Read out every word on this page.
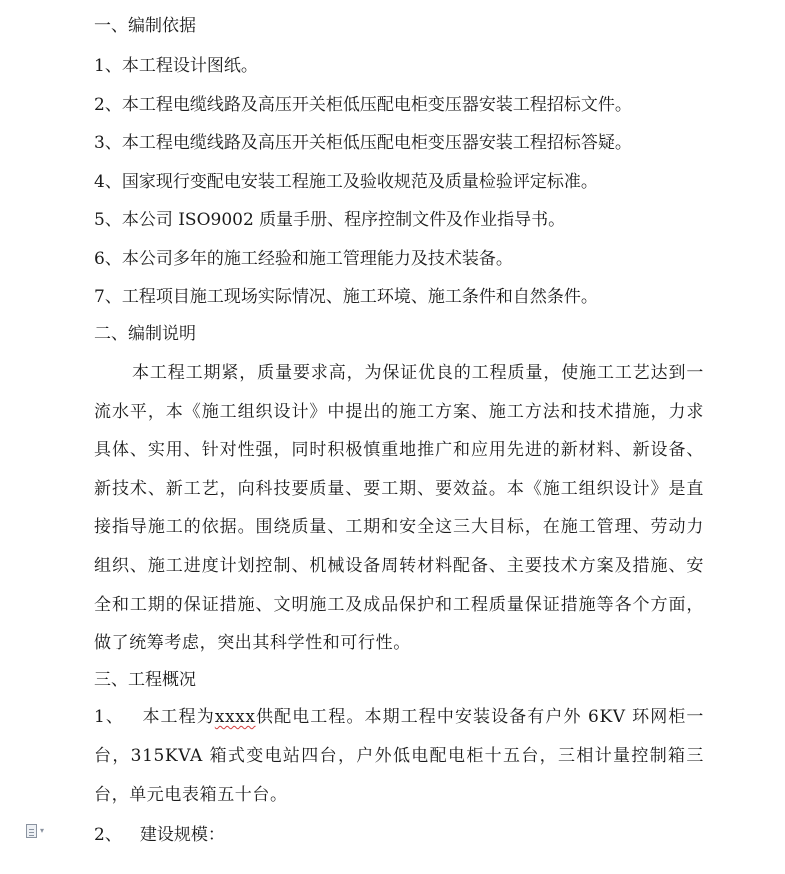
一、编制依据
1、本工程设计图纸。
2、本工程电缆线路及高压开关柜低压配电柜变压器安装工程招标文件。
3、本工程电缆线路及高压开关柜低压配电柜变压器安装工程招标答疑。
4、国家现行变配电安装工程施工及验收规范及质量检验评定标准。
5、本公司 ISO9002 质量手册、程序控制文件及作业指导书。
6、本公司多年的施工经验和施工管理能力及技术装备。
7、工程项目施工现场实际情况、施工环境、施工条件和自然条件。
二、编制说明
本工程工期紧，质量要求高，为保证优良的工程质量，使施工工艺达到一流水平，本《施工组织设计》中提出的施工方案、施工方法和技术措施，力求具体、实用、针对性强，同时积极慎重地推广和应用先进的新材料、新设备、新技术、新工艺，向科技要质量、要工期、要效益。本《施工组织设计》是直接指导施工的依据。围绕质量、工期和安全这三大目标，在施工管理、劳动力组织、施工进度计划控制、机械设备周转材料配备、主要技术方案及措施、安全和工期的保证措施、文明施工及成品保护和工程质量保证措施等各个方面，做了统筹考虑，突出其科学性和可行性。
三、工程概况
1、 本工程为xxxx供配电工程。本期工程中安装设备有户外 6KV 环网柜一台，315KVA 箱式变电站四台，户外低电配电柜十五台，三相计量控制箱三台，单元电表箱五十台。
2、 建设规模：
▾
